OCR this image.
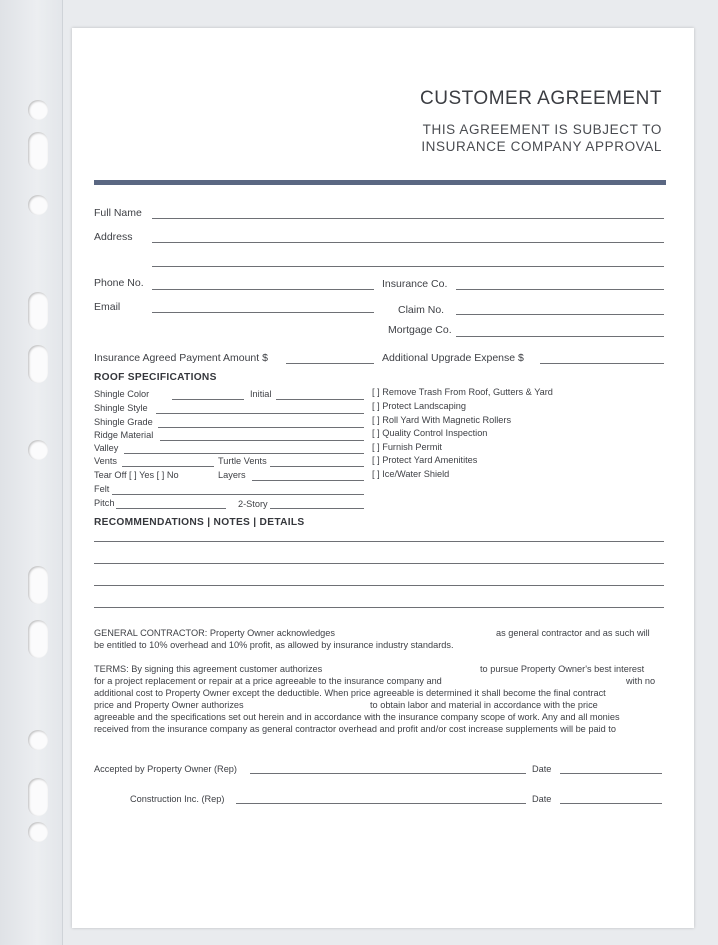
CUSTOMER AGREEMENT
THIS AGREEMENT IS SUBJECT TO
INSURANCE COMPANY APPROVAL
Full Name
Address
Phone No.	Insurance Co.
Email	Claim No.
Mortgage Co.
Insurance Agreed Payment Amount $	Additional Upgrade Expense $
ROOF SPECIFICATIONS
Shingle Color	Initial
Shingle Style
Shingle Grade
Ridge Material
Valley
Vents	Turtle Vents
Tear Off [ ] Yes [ ] No	Layers
Felt
Pitch	2-Story
[ ] Remove Trash From Roof, Gutters & Yard
[ ] Protect Landscaping
[ ] Roll Yard With Magnetic Rollers
[ ] Quality Control Inspection
[ ] Furnish Permit
[ ] Protect Yard Amenitites
[ ] Ice/Water Shield
RECOMMENDATIONS | NOTES | DETAILS
GENERAL CONTRACTOR: Property Owner acknowledges	as general contractor and as such will
be entitled to 10% overhead and 10% profit, as allowed by insurance industry standards.
TERMS: By signing this agreement customer authorizes	to pursue Property Owner's best interest
for a project replacement or repair at a price agreeable to the insurance company and	with no
additional cost to Property Owner except the deductible. When price agreeable is determined it shall become the final contract
price and Property Owner authorizes	to obtain labor and material in accordance with the price
agreeable and the specifications set out herein and in accordance with the insurance company scope of work. Any and all monies
received from the insurance company as general contractor overhead and profit and/or cost increase supplements will be paid to
Accepted by Property Owner (Rep)	Date
Construction Inc. (Rep)	Date
